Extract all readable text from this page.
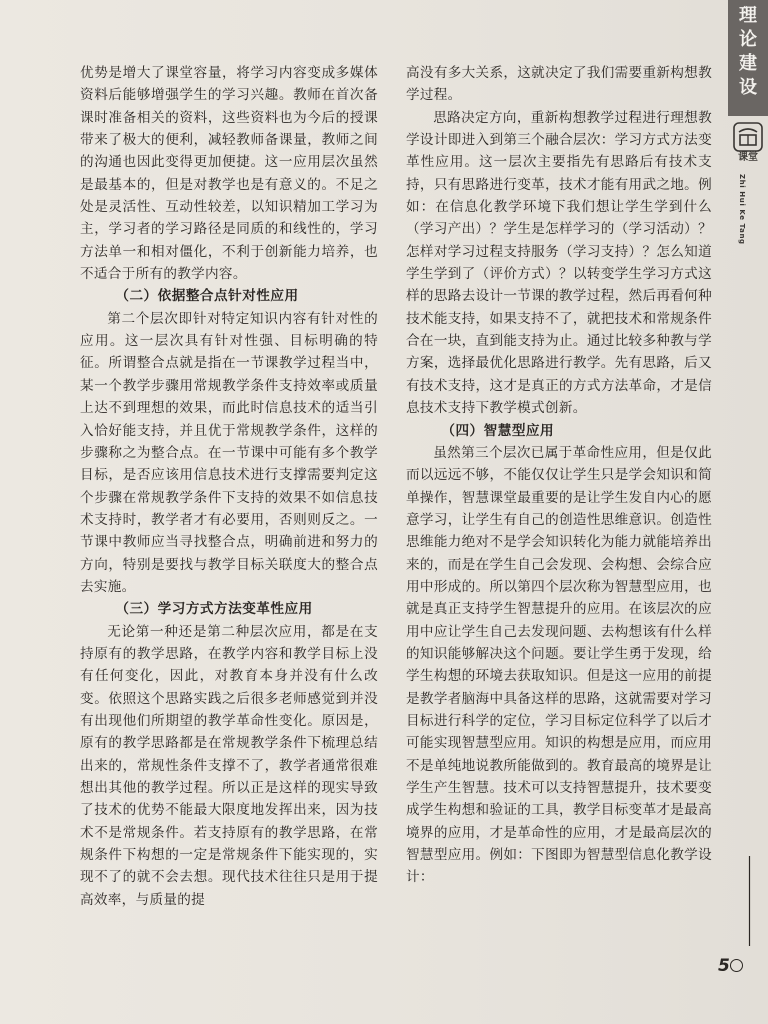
优势是增大了课堂容量，将学习内容变成多媒体资料后能够增强学生的学习兴趣。教师在首次备课时准备相关的资料，这些资料也为今后的授课带来了极大的便利，减轻教师备课量，教师之间的沟通也因此变得更加便捷。这一应用层次虽然是最基本的，但是对教学也是有意义的。不足之处是灵活性、互动性较差，以知识精加工学习为主，学习者的学习路径是同质的和线性的，学习方法单一和相对僵化，不利于创新能力培养，也不适合于所有的教学内容。

（二）依据整合点针对性应用

第二个层次即针对特定知识内容有针对性的应用。这一层次具有针对性强、目标明确的特征。所谓整合点就是指在一节课教学过程当中，某一个教学步骤用常规教学条件支持效率或质量上达不到理想的效果，而此时信息技术的适当引入恰好能支持，并且优于常规教学条件，这样的步骤称之为整合点。在一节课中可能有多个教学目标，是否应该用信息技术进行支撑需要判定这个步骤在常规教学条件下支持的效果不如信息技术支持时，教学者才有必要用，否则则反之。一节课中教师应当寻找整合点，明确前进和努力的方向，特别是要找与教学目标关联度大的整合点去实施。

（三）学习方式方法变革性应用

无论第一种还是第二种层次应用，都是在支持原有的教学思路，在教学内容和教学目标上没有任何变化，因此，对教育本身并没有什么改变。依照这个思路实践之后很多老师感觉到并没有出现他们所期望的教学革命性变化。原因是，原有的教学思路都是在常规教学条件下梳理总结出来的，常规性条件支撑不了，教学者通常很难想出其他的教学过程。所以正是这样的现实导致了技术的优势不能最大限度地发挥出来，因为技术不是常规条件。若支持原有的教学思路，在常规条件下构想的一定是常规条件下能实现的，实现不了的就不会去想。现代技术往往只是用于提高效率，与质量的提

高没有多大关系，这就决定了我们需要重新构想教学过程。

思路决定方向，重新构想教学过程进行理想教学设计即进入到第三个融合层次：学习方式方法变革性应用。这一层次主要指先有思路后有技术支持，只有思路进行变革，技术才能有用武之地。例如：在信息化教学环境下我们想让学生学到什么（学习产出）？学生是怎样学习的（学习活动）？怎样对学习过程支持服务（学习支持）？怎么知道学生学到了（评价方式）？以转变学生学习方式这样的思路去设计一节课的教学过程，然后再看何种技术能支持，如果支持不了，就把技术和常规条件合在一块，直到能支持为止。通过比较多种教与学方案，选择最优化思路进行教学。先有思路，后又有技术支持，这才是真正的方式方法革命，才是信息技术支持下教学模式创新。

（四）智慧型应用

虽然第三个层次已属于革命性应用，但是仅此而以远远不够，不能仅仅让学生只是学会知识和简单操作，智慧课堂最重要的是让学生发自内心的愿意学习，让学生有自己的创造性思维意识。创造性思维能力绝对不是学会知识转化为能力就能培养出来的，而是在学生自己会发现、会构想、会综合应用中形成的。所以第四个层次称为智慧型应用，也就是真正支持学生智慧提升的应用。在该层次的应用中应让学生自己去发现问题、去构想该有什么样的知识能够解决这个问题。要让学生勇于发现，给学生构想的环境去获取知识。但是这一应用的前提是教学者脑海中具备这样的思路，这就需要对学习目标进行科学的定位，学习目标定位科学了以后才可能实现智慧型应用。知识的构想是应用，而应用不是单纯地说教所能做到的。教育最高的境界是让学生产生智慧。技术可以支持智慧提升，技术要变成学生构想和验证的工具，教学目标变革才是最高境界的应用，才是革命性的应用，才是最高层次的智慧型应用。例如：下图即为智慧型信息化教学设计：

理
论
建
设
课堂
Zhi Hui Ke Tang
5
